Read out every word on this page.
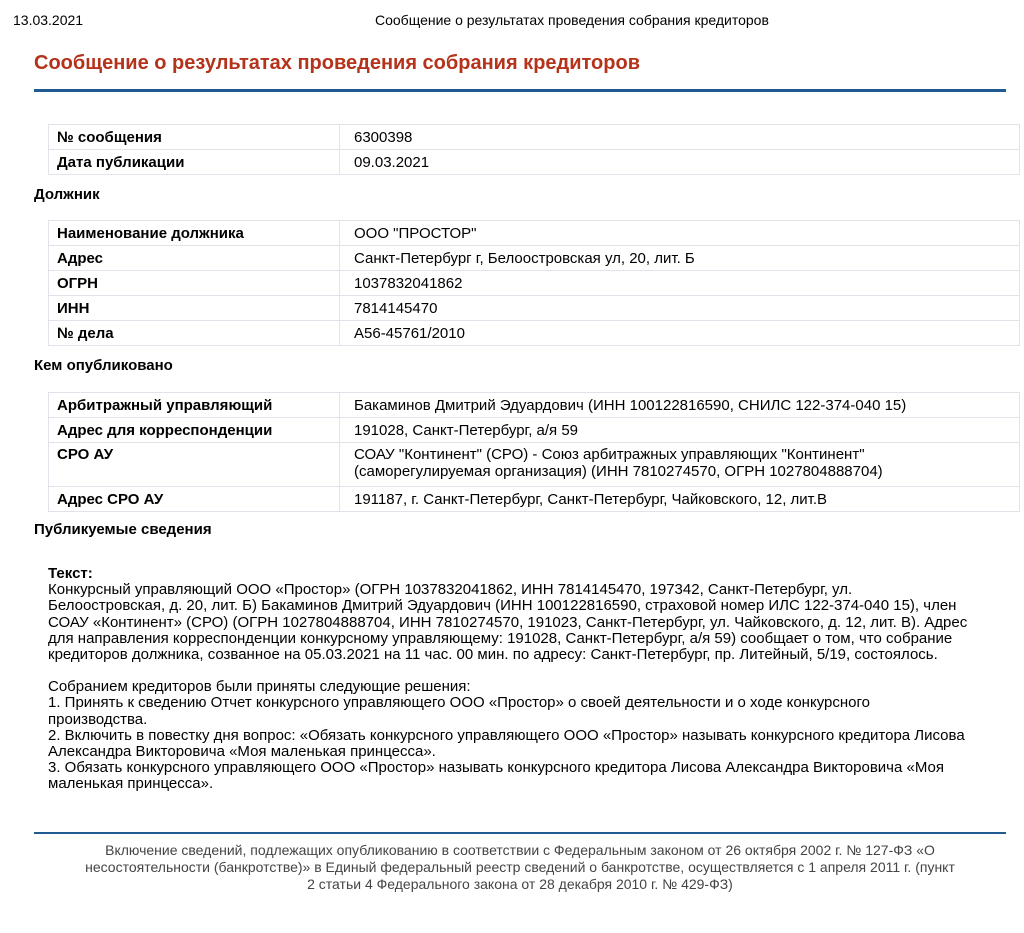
13.03.2021	Сообщение о результатах проведения собрания кредиторов
Сообщение о результатах проведения собрания кредиторов
№ сообщения	6300398
Дата публикации	09.03.2021
Должник
Наименование должника	ООО "ПРОСТОР"
Адрес	Санкт-Петербург г, Белоостровская ул, 20, лит. Б
ОГРН	1037832041862
ИНН	7814145470
№ дела	А56-45761/2010
Кем опубликовано
Арбитражный управляющий	Бакаминов Дмитрий Эдуардович (ИНН 100122816590, СНИЛС 122-374-040 15)
Адрес для корреспонденции	191028, Санкт-Петербург, а/я 59
СРО АУ	СОАУ "Континент" (СРО) - Союз арбитражных управляющих "Континент"
(саморегулируемая организация) (ИНН 7810274570, ОГРН 1027804888704)

Адрес СРО АУ	191187, г. Санкт-Петербург, Санкт-Петербург, Чайковского, 12, лит.В
Публикуемые сведения
Текст:
Конкурсный управляющий ООО «Простор» (ОГРН 1037832041862, ИНН 7814145470, 197342, Санкт-Петербург, ул.
Белоостровская, д. 20, лит. Б) Бакаминов Дмитрий Эдуардович (ИНН 100122816590, страховой номер ИЛС 122-374-040 15), член
СОАУ «Континент» (СРО) (ОГРН 1027804888704, ИНН 7810274570, 191023, Санкт-Петербург, ул. Чайковского, д. 12, лит. В). Адрес
для направления корреспонденции конкурсному управляющему: 191028, Санкт-Петербург, а/я 59) сообщает о том, что собрание
кредиторов должника, созванное на 05.03.2021 на 11 час. 00 мин. по адресу: Санкт-Петербург, пр. Литейный, 5/19, состоялось.
Собранием кредиторов были приняты следующие решения:
1. Принять к сведению Отчет конкурсного управляющего ООО «Простор» о своей деятельности и о ходе конкурсного
производства.
2. Включить в повестку дня вопрос: «Обязать конкурсного управляющего ООО «Простор» называть конкурсного кредитора Лисова
Александра Викторовича «Моя маленькая принцесса».
3. Обязать конкурсного управляющего ООО «Простор» называть конкурсного кредитора Лисова Александра Викторовича «Моя
маленькая принцесса».
Включение сведений, подлежащих опубликованию в соответствии с Федеральным законом от 26 октября 2002 г. № 127-ФЗ «О
несостоятельности (банкротстве)» в Единый федеральный реестр сведений о банкротстве, осуществляется с 1 апреля 2011 г. (пункт
2 статьи 4 Федерального закона от 28 декабря 2010 г. № 429-ФЗ)
